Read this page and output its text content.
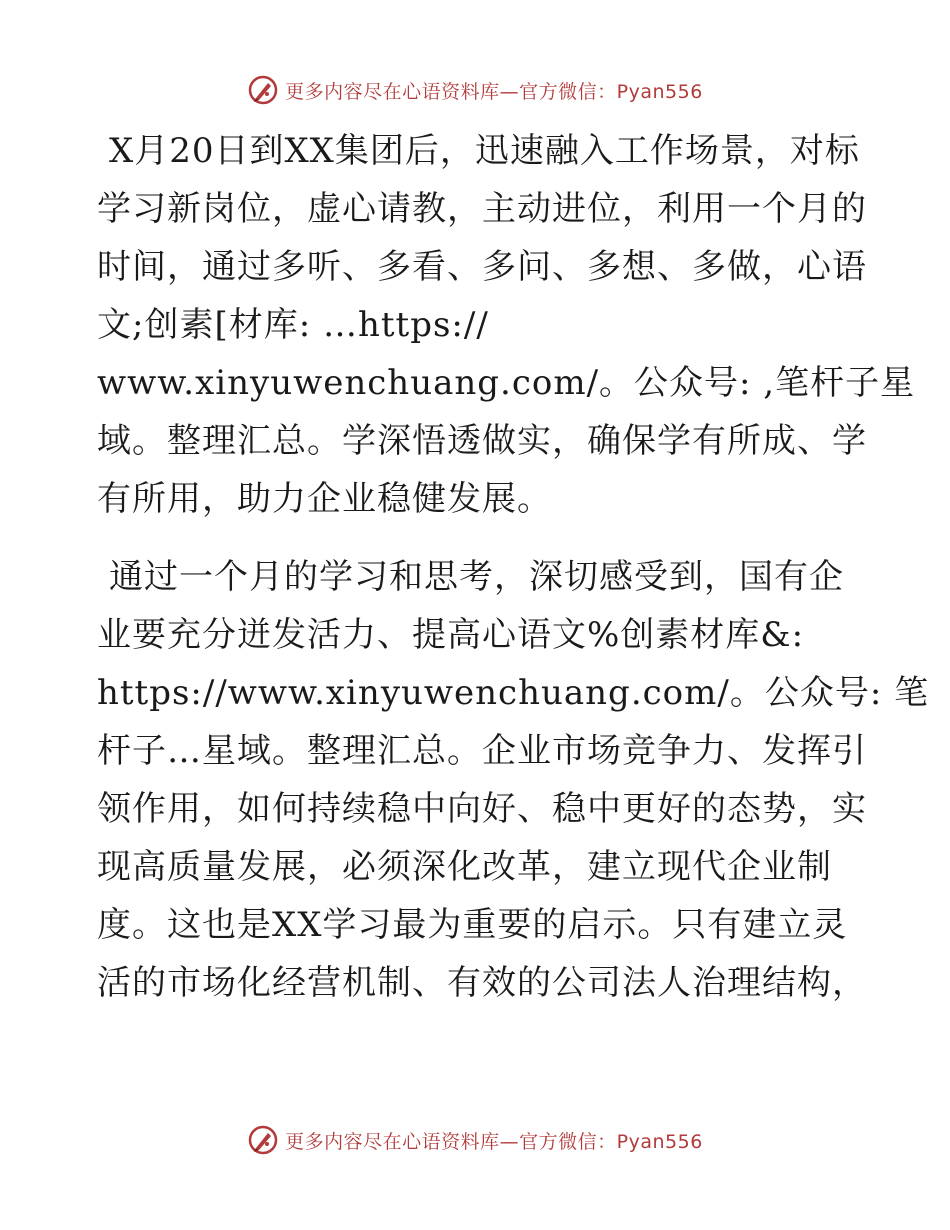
更多内容尽在心语资料库—官方微信：Pyan556
X月20日到XX集团后，迅速融入工作场景，对标
学习新岗位，虚心请教，主动进位，利用一个月的
时间，通过多听、多看、多问、多想、多做，心语
文;创素[材库: …https://
www.xinyuwenchuang.com/。公众号: ,笔杆子星
域。整理汇总。学深悟透做实，确保学有所成、学
有所用，助力企业稳健发展。
通过一个月的学习和思考，深切感受到，国有企
业要充分迸发活力、提高心语文%创素材库&:
https://www.xinyuwenchuang.com/。公众号: 笔
杆子…星域。整理汇总。企业市场竞争力、发挥引
领作用，如何持续稳中向好、稳中更好的态势，实
现高质量发展，必须深化改革，建立现代企业制
度。这也是XX学习最为重要的启示。只有建立灵
活的市场化经营机制、有效的公司法人治理结构，
更多内容尽在心语资料库—官方微信：Pyan556
